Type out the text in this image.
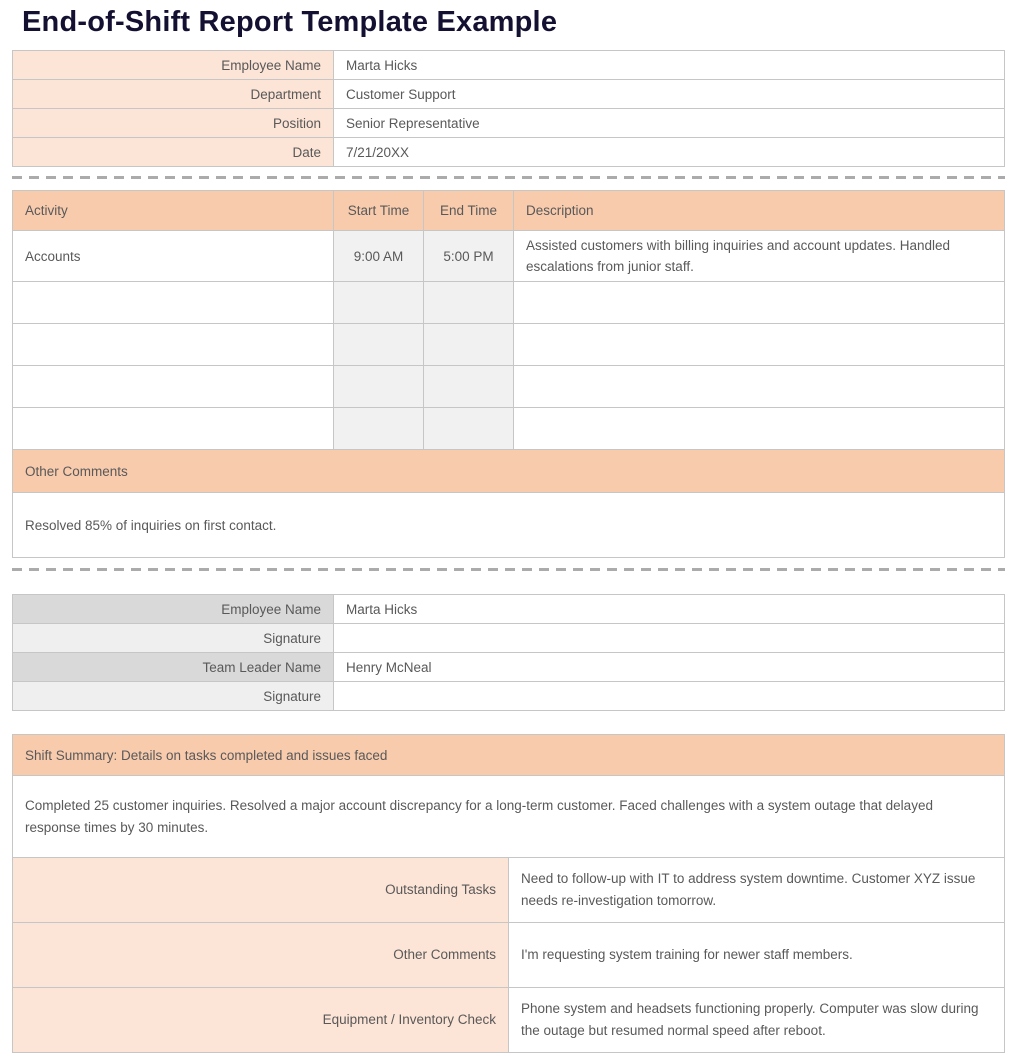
End-of-Shift Report Template Example
Employee Name	Marta Hicks
Department	Customer Support
Position	Senior Representative
Date	7/21/20XX
Activity	Start Time	End Time	Description
Accounts	9:00 AM	5:00 PM	Assisted customers with billing inquiries and account updates. Handled escalations from junior staff.

Other Comments			
Resolved 85% of inquiries on first contact.			
Employee Name	Marta Hicks
Signature	
Team Leader Name	Henry McNeal
Signature	
Shift Summary: Details on tasks completed and issues faced	
Completed 25 customer inquiries. Resolved a major account discrepancy for a long-term customer. Faced challenges with a system outage that delayed response times by 30 minutes.	
Outstanding Tasks	Need to follow-up with IT to address system downtime. Customer XYZ issue needs re-investigation tomorrow.
Other Comments	I'm requesting system training for newer staff members.
Equipment / Inventory Check	Phone system and headsets functioning properly. Computer was slow during the outage but resumed normal speed after reboot.
